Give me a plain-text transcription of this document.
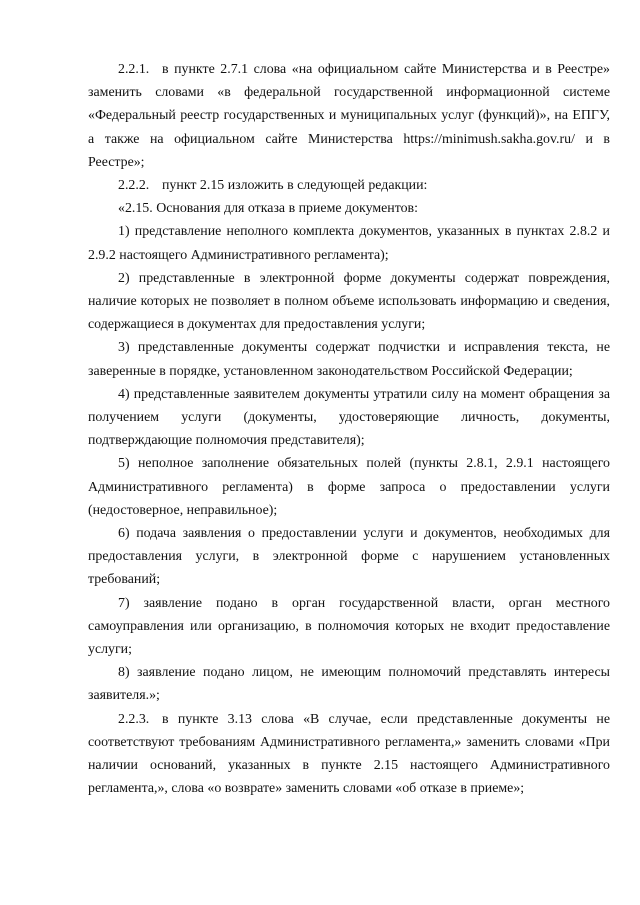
2.2.1. в пункте 2.7.1 слова «на официальном сайте Министерства и в Реестре» заменить словами «в федеральной государственной информационной системе «Федеральный реестр государственных и муниципальных услуг (функций)», на ЕПГУ, а также на официальном сайте Министерства https://minimush.sakha.gov.ru/ и в Реестре»;

2.2.2. пункт 2.15 изложить в следующей редакции:

«2.15. Основания для отказа в приеме документов:

1) представление неполного комплекта документов, указанных в пунктах 2.8.2 и 2.9.2 настоящего Административного регламента);

2) представленные в электронной форме документы содержат повреждения, наличие которых не позволяет в полном объеме использовать информацию и сведения, содержащиеся в документах для предоставления услуги;

3) представленные документы содержат подчистки и исправления текста, не заверенные в порядке, установленном законодательством Российской Федерации;

4) представленные заявителем документы утратили силу на момент обращения за получением услуги (документы, удостоверяющие личность, документы, подтверждающие полномочия представителя);

5) неполное заполнение обязательных полей (пункты 2.8.1, 2.9.1 настоящего Административного регламента) в форме запроса о предоставлении услуги (недостоверное, неправильное);

6) подача заявления о предоставлении услуги и документов, необходимых для предоставления услуги, в электронной форме с нарушением установленных требований;

7) заявление подано в орган государственной власти, орган местного самоуправления или организацию, в полномочия которых не входит предоставление услуги;

8) заявление подано лицом, не имеющим полномочий представлять интересы заявителя.»;

2.2.3. в пункте 3.13 слова «В случае, если представленные документы не соответствуют требованиям Административного регламента,» заменить словами «При наличии оснований, указанных в пункте 2.15 настоящего Административного регламента,», слова «о возврате» заменить словами «об отказе в приеме»;
